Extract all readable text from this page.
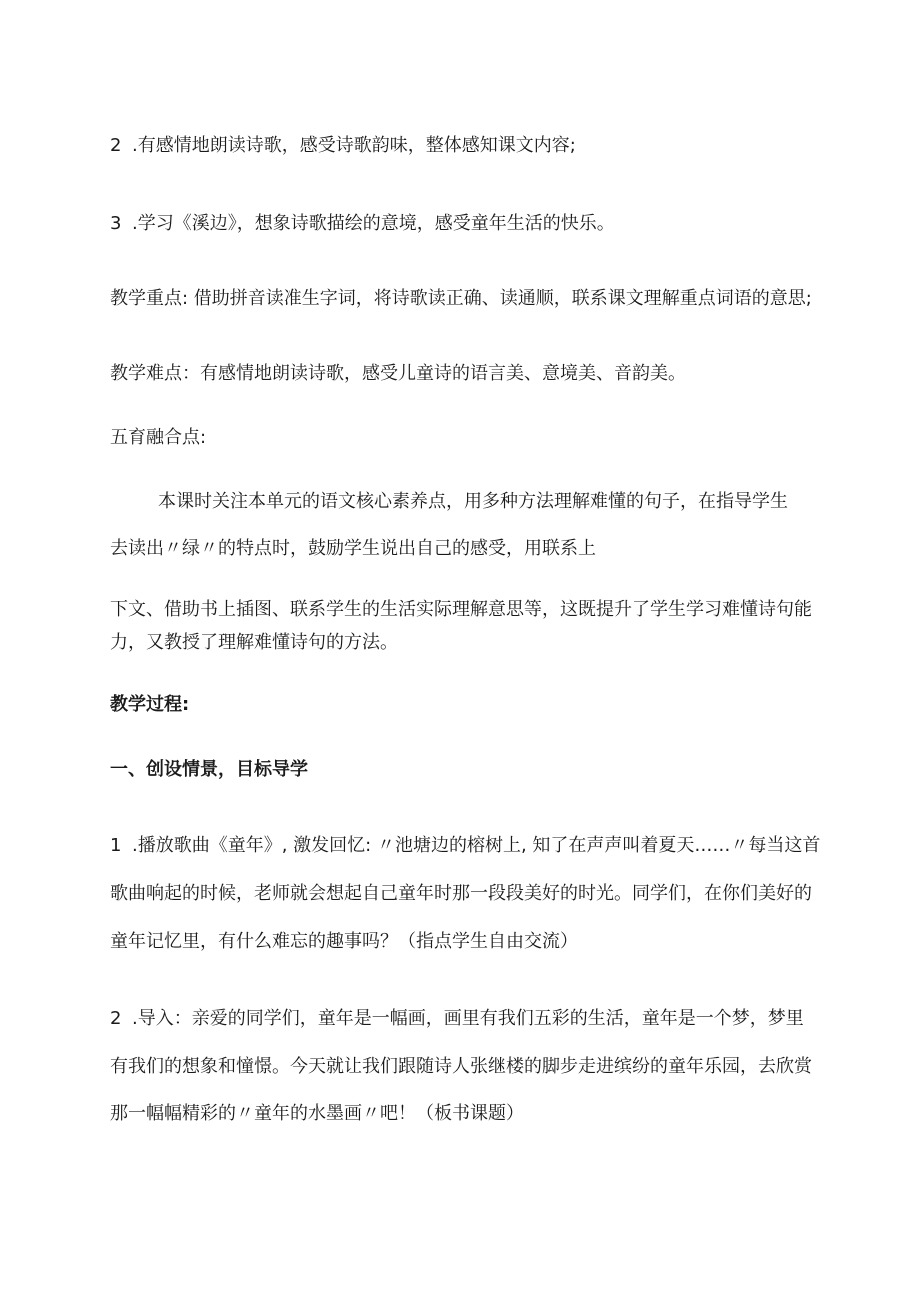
2 .有感情地朗读诗歌，感受诗歌韵味，整体感知课文内容;
3 .学习《溪边》，想象诗歌描绘的意境，感受童年生活的快乐。
教学重点: 借助拼音读准生字词，将诗歌读正确、读通顺，联系课文理解重点词语的意思;
教学难点：有感情地朗读诗歌，感受儿童诗的语言美、意境美、音韵美。
五育融合点:
本课时关注本单元的语文核心素养点，用多种方法理解难懂的句子，在指导学生
去读出〃绿〃的特点时，鼓励学生说出自己的感受，用联系上
下文、借助书上插图、联系学生的生活实际理解意思等，这既提升了学生学习难懂诗句能
力，又教授了理解难懂诗句的方法。
教学过程:
一、创设情景，目标导学
1 .播放歌曲《童年》, 激发回忆: 〃池塘边的榕树上, 知了在声声叫着夏天……〃每当这首
歌曲响起的时候，老师就会想起自己童年时那一段段美好的时光。同学们，在你们美好的
童年记忆里，有什么难忘的趣事吗？（指点学生自由交流）
2 .导入：亲爱的同学们，童年是一幅画，画里有我们五彩的生活，童年是一个梦，梦里
有我们的想象和憧憬。今天就让我们跟随诗人张继楼的脚步走进缤纷的童年乐园，去欣赏
那一幅幅精彩的〃童年的水墨画〃吧！（板书课题）
